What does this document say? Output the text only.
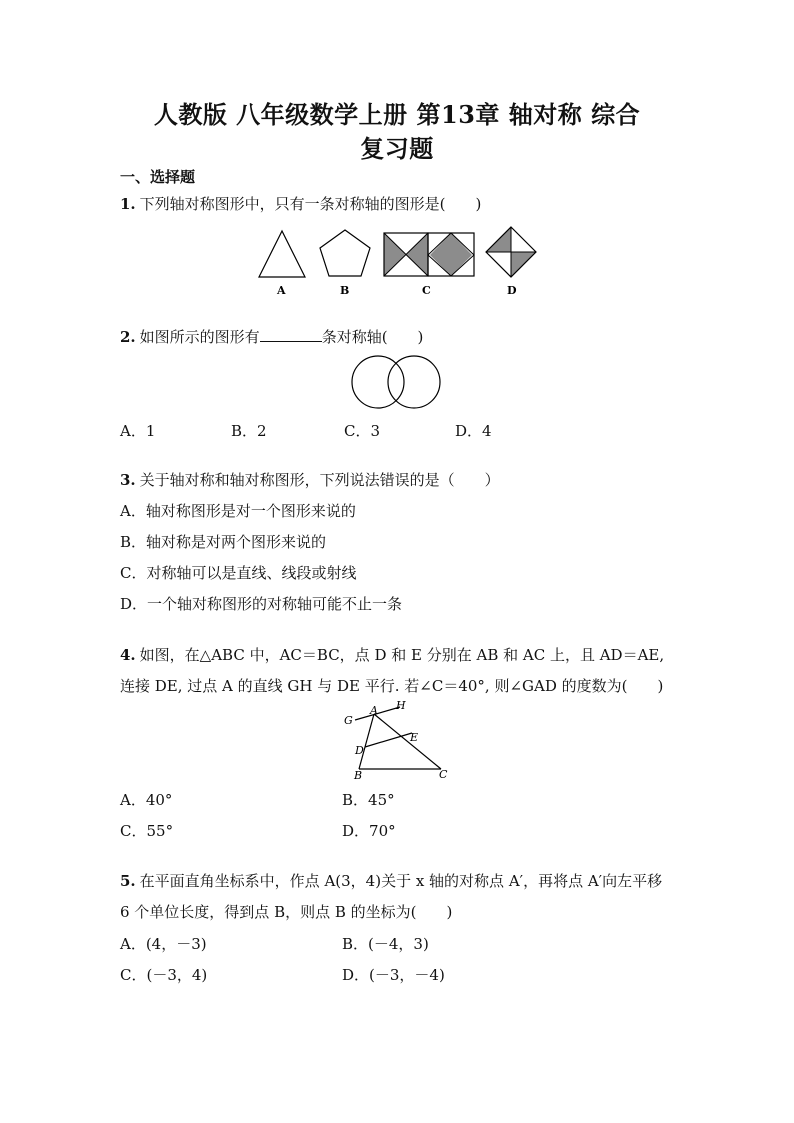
人教版 八年级数学上册 第13章 轴对称 综合
复习题
一、选择题
1. 下列轴对称图形中，只有一条对称轴的图形是(　　)
A	B	C	D
2. 如图所示的图形有	条对称轴(　　)
A．1	B．2	C．3	D．4
3. 关于轴对称和轴对称图形，下列说法错误的是（　　）
A．轴对称图形是对一个图形来说的
B．轴对称是对两个图形来说的
C．对称轴可以是直线、线段或射线
D．一个轴对称图形的对称轴可能不止一条
4. 如图，在△ABC 中，AC＝BC，点 D 和 E 分别在 AB 和 AC 上，且 AD＝AE,
连接 DE, 过点 A 的直线 GH 与 DE 平行. 若∠C＝40°, 则∠GAD 的度数为(　　)
G
A H
E
D
B	C
A．40°	B．45°
C．55°	D．70°
5. 在平面直角坐标系中，作点 A(3，4)关于 x 轴的对称点 A′，再将点 A′向左平移
6 个单位长度，得到点 B，则点 B 的坐标为(　　)
A．(4，－3)	B．(－4，3)
C．(－3，4)	D．(－3，－4)
